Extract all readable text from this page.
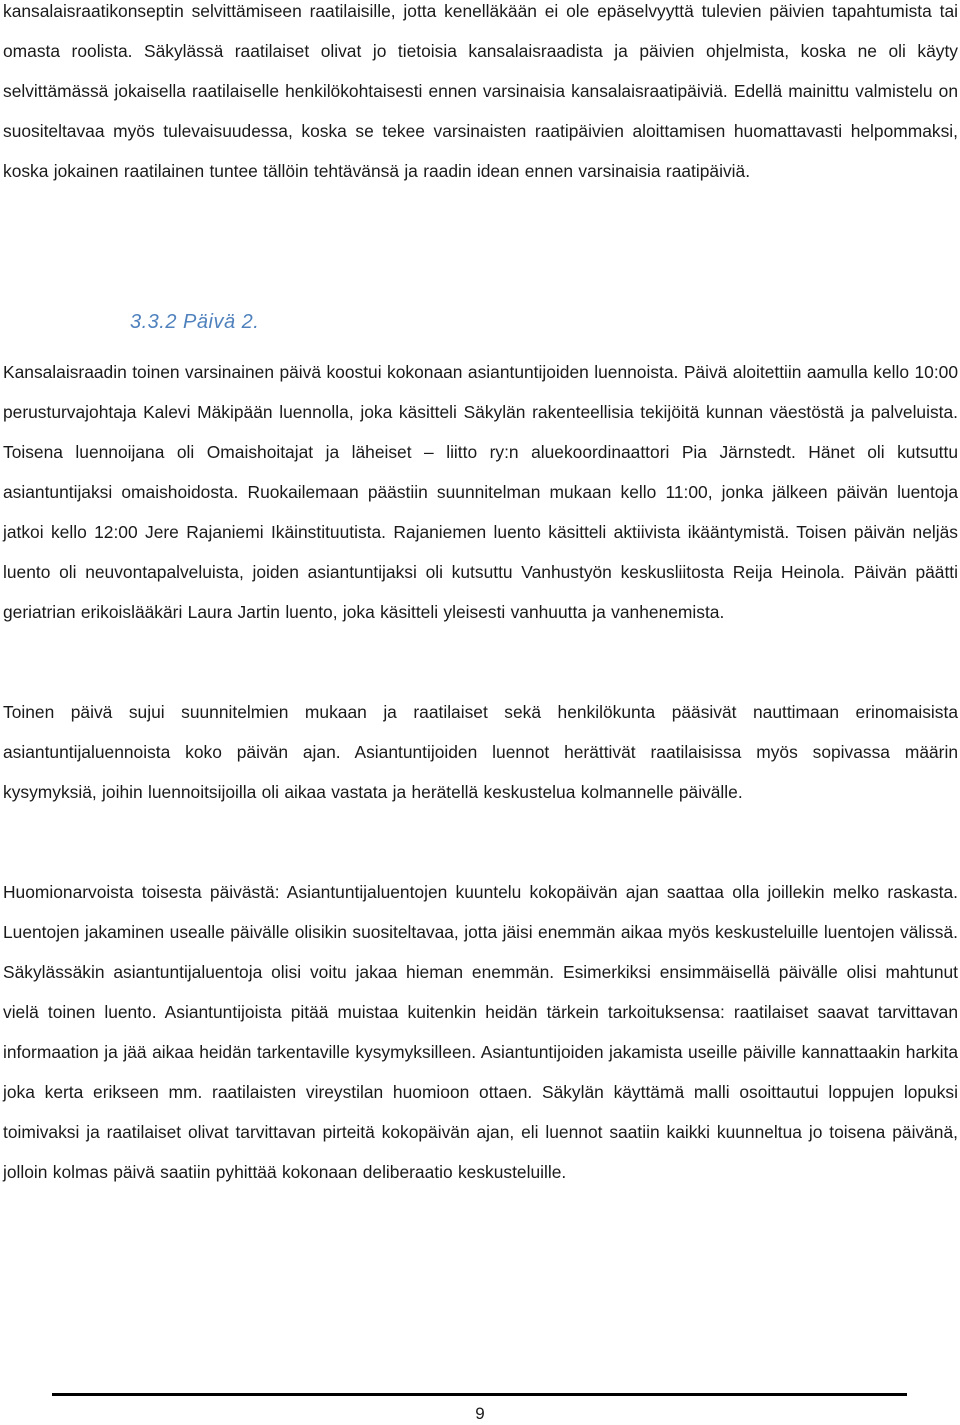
kansalaisraatikonseptin selvittämiseen raatilaisille, jotta kenelläkään ei ole epäselvyyttä tulevien päivien tapahtumista tai omasta roolista. Säkylässä raatilaiset olivat jo tietoisia kansalaisraadista ja päivien ohjelmista, koska ne oli käyty selvittämässä jokaisella raatilaiselle henkilökohtaisesti ennen varsinaisia kansalaisraatipäiviä. Edellä mainittu valmistelu on suositeltavaa myös tulevaisuudessa, koska se tekee varsinaisten raatipäivien aloittamisen huomattavasti helpommaksi, koska jokainen raatilainen tuntee tällöin tehtävänsä ja raadin idean ennen varsinaisia raatipäiviä.

3.3.2 Päivä 2.

Kansalaisraadin toinen varsinainen päivä koostui kokonaan asiantuntijoiden luennoista. Päivä aloitettiin aamulla kello 10:00 perusturvajohtaja Kalevi Mäkipään luennolla, joka käsitteli Säkylän rakenteellisia tekijöitä kunnan väestöstä ja palveluista. Toisena luennoijana oli Omaishoitajat ja läheiset – liitto ry:n aluekoordinaattori Pia Järnstedt. Hänet oli kutsuttu asiantuntijaksi omaishoidosta. Ruokailemaan päästiin suunnitelman mukaan kello 11:00, jonka jälkeen päivän luentoja jatkoi kello 12:00 Jere Rajaniemi Ikäinstituutista. Rajaniemen luento käsitteli aktiivista ikääntymistä. Toisen päivän neljäs luento oli neuvontapalveluista, joiden asiantuntijaksi oli kutsuttu Vanhustyön keskusliitosta Reija Heinola. Päivän päätti geriatrian erikoislääkäri Laura Jartin luento, joka käsitteli yleisesti vanhuutta ja vanhenemista.

Toinen päivä sujui suunnitelmien mukaan ja raatilaiset sekä henkilökunta pääsivät nauttimaan erinomaisista asiantuntijaluennoista koko päivän ajan. Asiantuntijoiden luennot herättivät raatilaisissa myös sopivassa määrin kysymyksiä, joihin luennoitsijoilla oli aikaa vastata ja herätellä keskustelua kolmannelle päivälle.

Huomionarvoista toisesta päivästä: Asiantuntijaluentojen kuuntelu kokopäivän ajan saattaa olla joillekin melko raskasta. Luentojen jakaminen usealle päivälle olisikin suositeltavaa, jotta jäisi enemmän aikaa myös keskusteluille luentojen välissä. Säkylässäkin asiantuntijaluentoja olisi voitu jakaa hieman enemmän. Esimerkiksi ensimmäisellä päivälle olisi mahtunut vielä toinen luento. Asiantuntijoista pitää muistaa kuitenkin heidän tärkein tarkoituksensa: raatilaiset saavat tarvittavan informaation ja jää aikaa heidän tarkentaville kysymyksilleen. Asiantuntijoiden jakamista useille päiville kannattaakin harkita joka kerta erikseen mm. raatilaisten vireystilan huomioon ottaen. Säkylän käyttämä malli osoittautui loppujen lopuksi toimivaksi ja raatilaiset olivat tarvittavan pirteitä kokopäivän ajan, eli luennot saatiin kaikki kuunneltua jo toisena päivänä, jolloin kolmas päivä saatiin pyhittää kokonaan deliberaatio keskusteluille.

9
